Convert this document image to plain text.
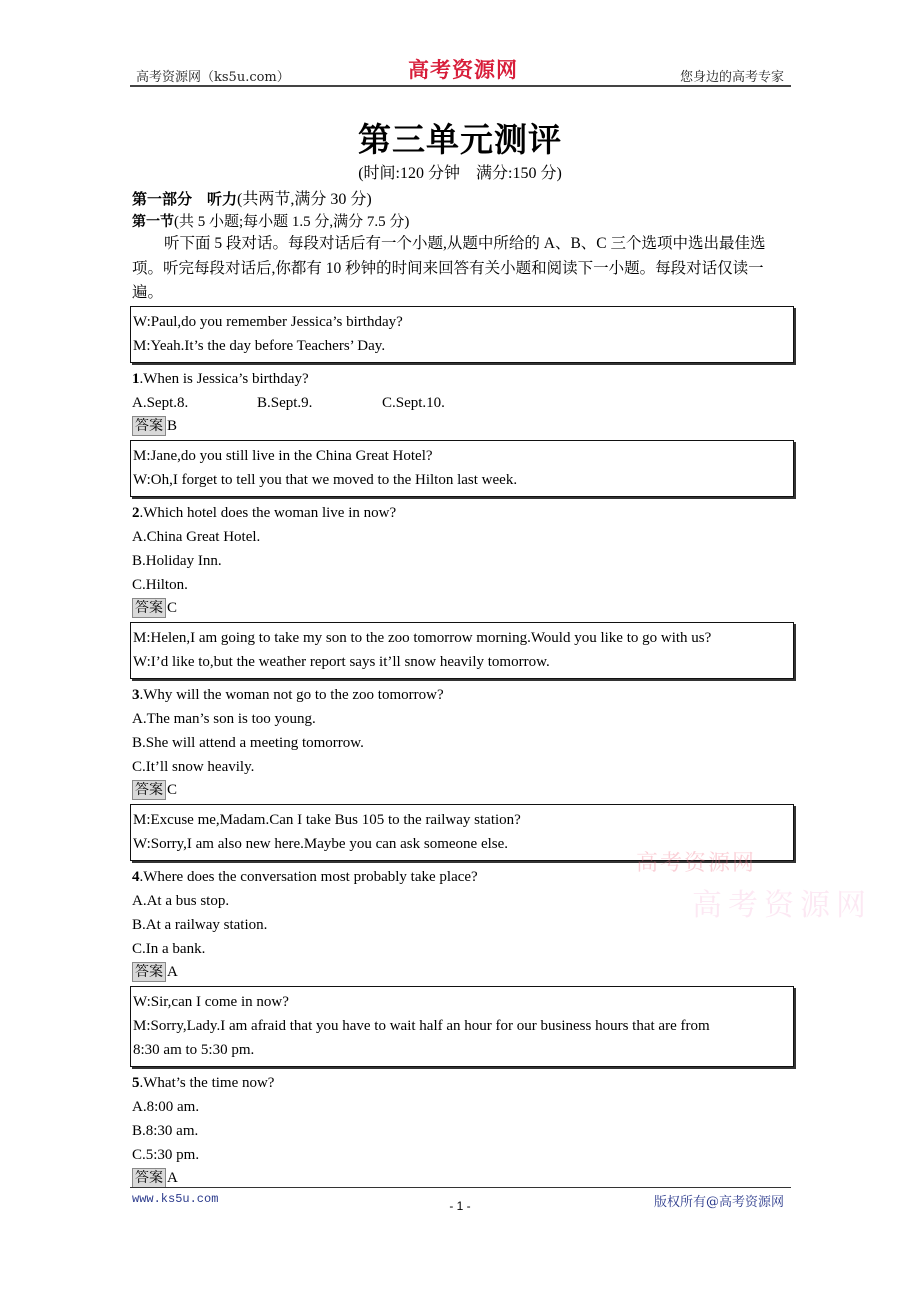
高考资源网（ks5u.com）	高考资源网	您身边的高考专家
第三单元测评
(时间:120 分钟　满分:150 分)
第一部分　听力(共两节,满分 30 分)
第一节(共 5 小题;每小题 1.5 分,满分 7.5 分)
听下面 5 段对话。每段对话后有一个小题,从题中所给的 A、B、C 三个选项中选出最佳选项。听完每段对话后,你都有 10 秒钟的时间来回答有关小题和阅读下一小题。每段对话仅读一遍。
W:Paul,do you remember Jessica’s birthday?
M:Yeah.It’s the day before Teachers’ Day.
1.When is Jessica’s birthday?
A.Sept.8.	B.Sept.9.	C.Sept.10.
答案 B
M:Jane,do you still live in the China Great Hotel?
W:Oh,I forget to tell you that we moved to the Hilton last week.
2.Which hotel does the woman live in now?
A.China Great Hotel.
B.Holiday Inn.
C.Hilton.
答案 C
M:Helen,I am going to take my son to the zoo tomorrow morning.Would you like to go with us?
W:I’d like to,but the weather report says it’ll snow heavily tomorrow.
3.Why will the woman not go to the zoo tomorrow?
A.The man’s son is too young.
B.She will attend a meeting tomorrow.
C.It’ll snow heavily.
答案 C
M:Excuse me,Madam.Can I take Bus 105 to the railway station?
W:Sorry,I am also new here.Maybe you can ask someone else.
4.Where does the conversation most probably take place?
A.At a bus stop.
B.At a railway station.
C.In a bank.
答案 A
W:Sir,can I come in now?
M:Sorry,Lady.I am afraid that you have to wait half an hour for our business hours that are from
8:30 am to 5:30 pm.
5.What’s the time now?
A.8:00 am.
B.8:30 am.
C.5:30 pm.
答案 A
高考资源网
高考资源网
www.ks5u.com	- 1 -	版权所有@高考资源网
